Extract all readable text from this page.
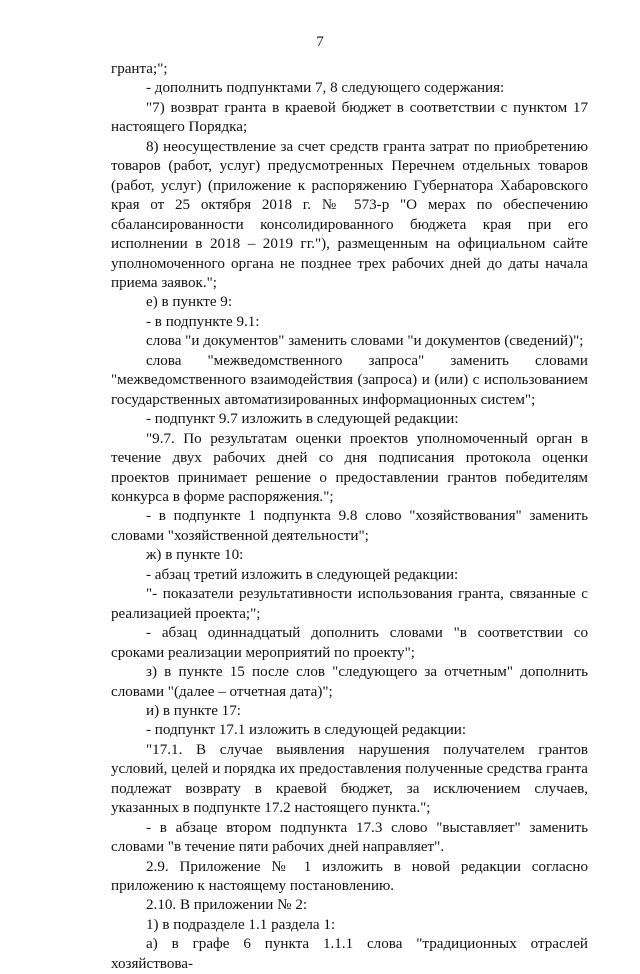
7

гранта;";

- дополнить подпунктами 7, 8 следующего содержания:

"7) возврат гранта в краевой бюджет в соответствии с пунктом 17 настоящего Порядка;

8) неосуществление за счет средств гранта затрат по приобретению товаров (работ, услуг) предусмотренных Перечнем отдельных товаров (работ, услуг) (приложение к распоряжению Губернатора Хабаровского края от 25 октября 2018 г. № 573-р "О мерах по обеспечению сбалансированности консолидированного бюджета края при его исполнении в 2018 – 2019 гг."), размещенным на официальном сайте уполномоченного органа не позднее трех рабочих дней до даты начала приема заявок.";

е) в пункте 9:

- в подпункте 9.1:

слова "и документов" заменить словами "и документов (сведений)";

слова "межведомственного запроса" заменить словами "межведомственного взаимодействия (запроса) и (или) с использованием государственных автоматизированных информационных систем";

- подпункт 9.7 изложить в следующей редакции:

"9.7. По результатам оценки проектов уполномоченный орган в течение двух рабочих дней со дня подписания протокола оценки проектов принимает решение о предоставлении грантов победителям конкурса в форме распоряжения.";

- в подпункте 1 подпункта 9.8 слово "хозяйствования" заменить словами "хозяйственной деятельности";

ж) в пункте 10:

- абзац третий изложить в следующей редакции:

"- показатели результативности использования гранта, связанные с реализацией проекта;";

- абзац одиннадцатый дополнить словами "в соответствии со сроками реализации мероприятий по проекту";

з) в пункте 15 после слов "следующего за отчетным" дополнить словами "(далее – отчетная дата)";

и) в пункте 17:

- подпункт 17.1 изложить в следующей редакции:

"17.1. В случае выявления нарушения получателем грантов условий, целей и порядка их предоставления полученные средства гранта подлежат возврату в краевой бюджет, за исключением случаев, указанных в подпункте 17.2 настоящего пункта.";

- в абзаце втором подпункта 17.3 слово "выставляет" заменить словами "в течение пяти рабочих дней направляет".

2.9. Приложение № 1 изложить в новой редакции согласно приложению к настоящему постановлению.

2.10. В приложении № 2:

1) в подразделе 1.1 раздела 1:

а) в графе 6 пункта 1.1.1 слова "традиционных отраслей хозяйствова-
